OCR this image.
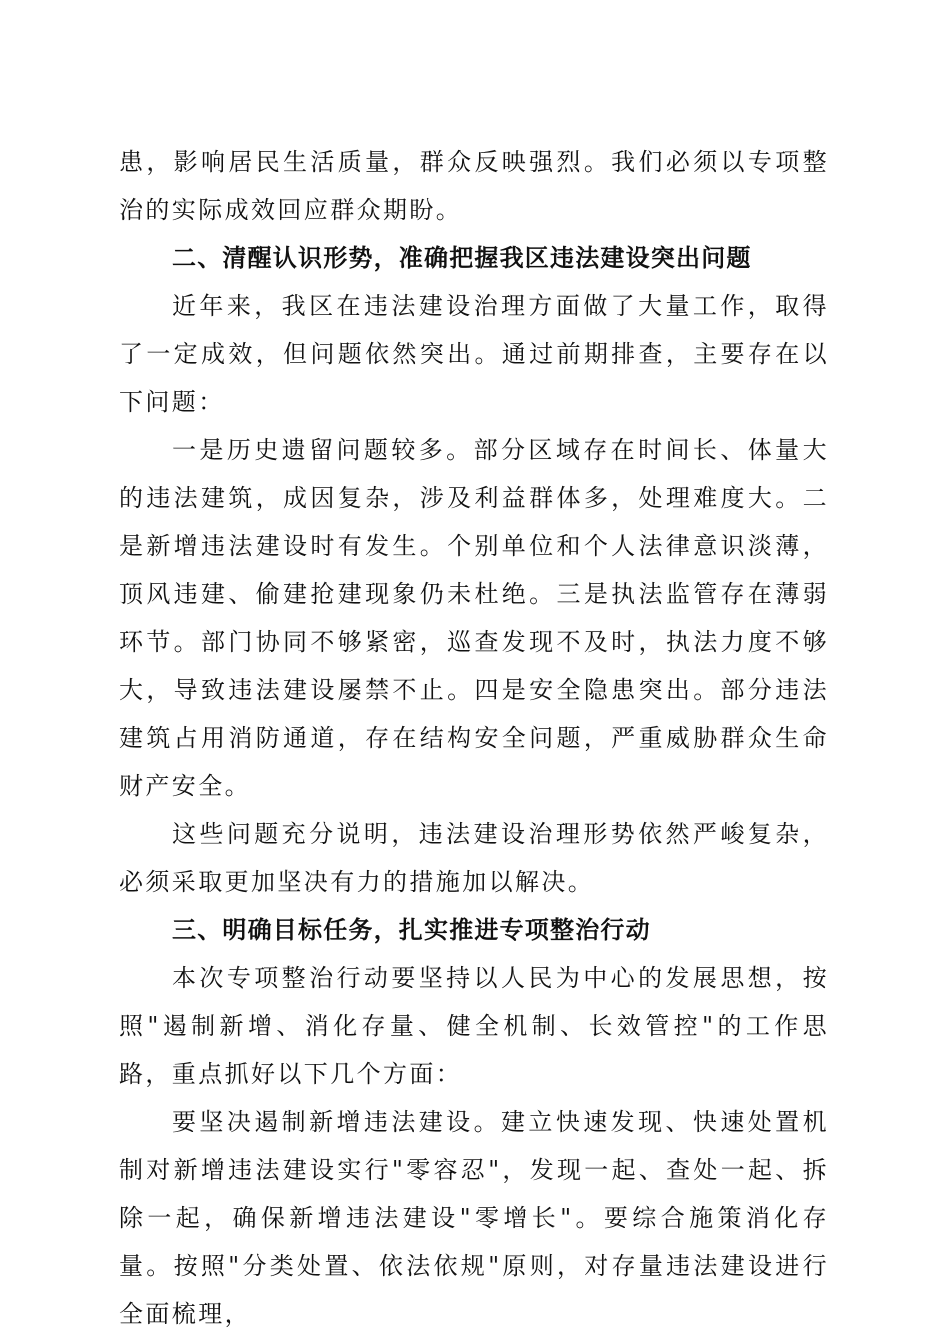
患，影响居民生活质量，群众反映强烈。我们必须以专项整治的实际成效回应群众期盼。

二、清醒认识形势，准确把握我区违法建设突出问题

近年来，我区在违法建设治理方面做了大量工作，取得了一定成效，但问题依然突出。通过前期排查，主要存在以下问题：

一是历史遗留问题较多。部分区域存在时间长、体量大的违法建筑，成因复杂，涉及利益群体多，处理难度大。二是新增违法建设时有发生。个别单位和个人法律意识淡薄，顶风违建、偷建抢建现象仍未杜绝。三是执法监管存在薄弱环节。部门协同不够紧密，巡查发现不及时，执法力度不够大，导致违法建设屡禁不止。四是安全隐患突出。部分违法建筑占用消防通道，存在结构安全问题，严重威胁群众生命财产安全。

这些问题充分说明，违法建设治理形势依然严峻复杂，必须采取更加坚决有力的措施加以解决。

三、明确目标任务，扎实推进专项整治行动

本次专项整治行动要坚持以人民为中心的发展思想，按照"遏制新增、消化存量、健全机制、长效管控"的工作思路，重点抓好以下几个方面：

要坚决遏制新增违法建设。建立快速发现、快速处置机制对新增违法建设实行"零容忍"，发现一起、查处一起、拆除一起，确保新增违法建设"零增长"。要综合施策消化存量。按照"分类处置、依法依规"原则，对存量违法建设进行全面梳理，
